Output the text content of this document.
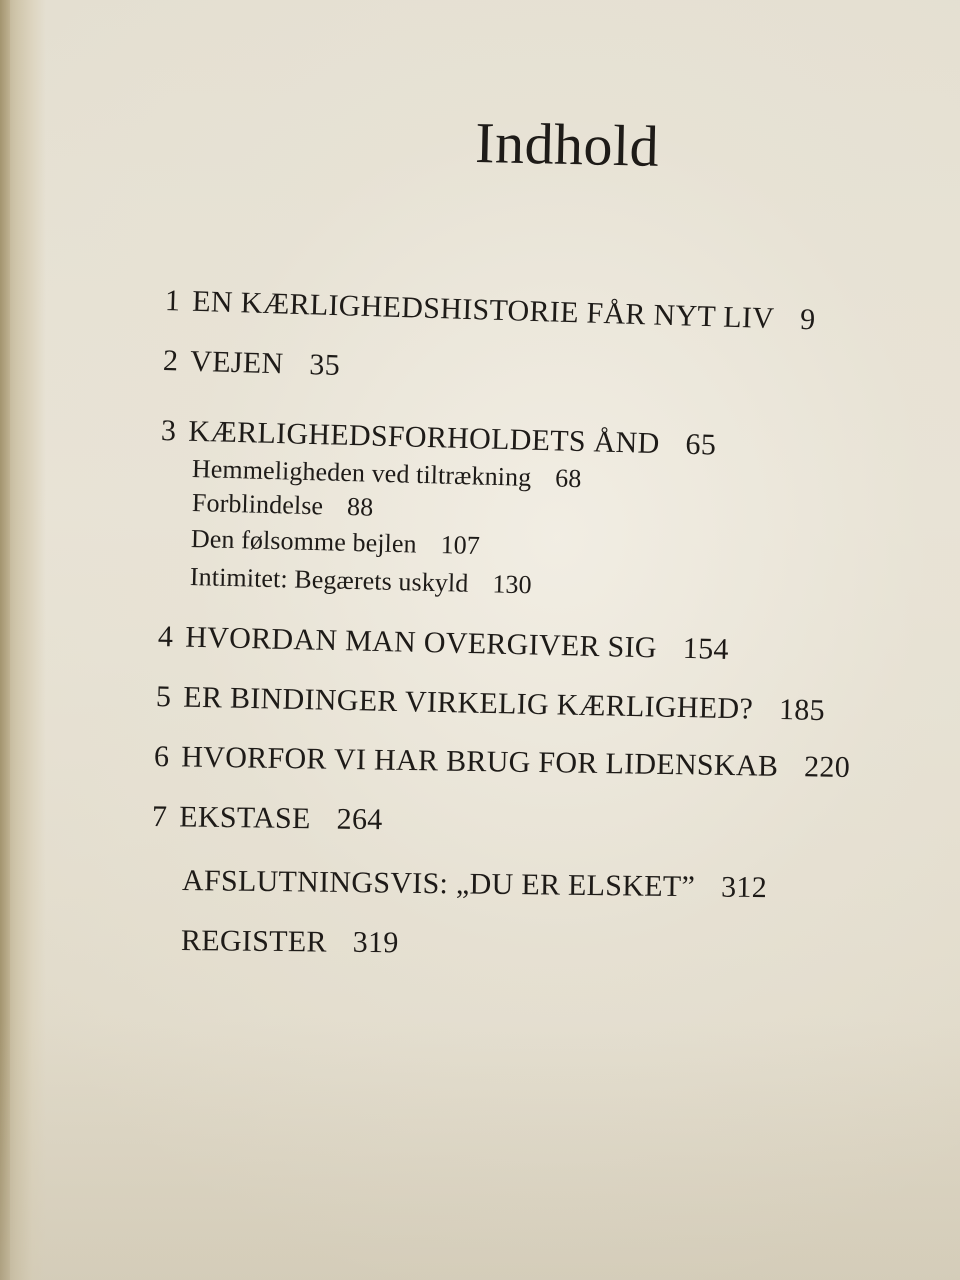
Indhold
1 EN KÆRLIGHEDSHISTORIE FÅR NYT LIV 9
2 VEJEN 35
3 KÆRLIGHEDSFORHOLDETS ÅND 65
Hemmeligheden ved tiltrækning 68
Forblindelse 88
Den følsomme bejlen 107
Intimitet: Begærets uskyld 130
4 HVORDAN MAN OVERGIVER SIG 154
5 ER BINDINGER VIRKELIG KÆRLIGHED? 185
6 HVORFOR VI HAR BRUG FOR LIDENSKAB 220
7 EKSTASE 264
AFSLUTNINGSVIS: „DU ER ELSKET” 312
REGISTER 319
